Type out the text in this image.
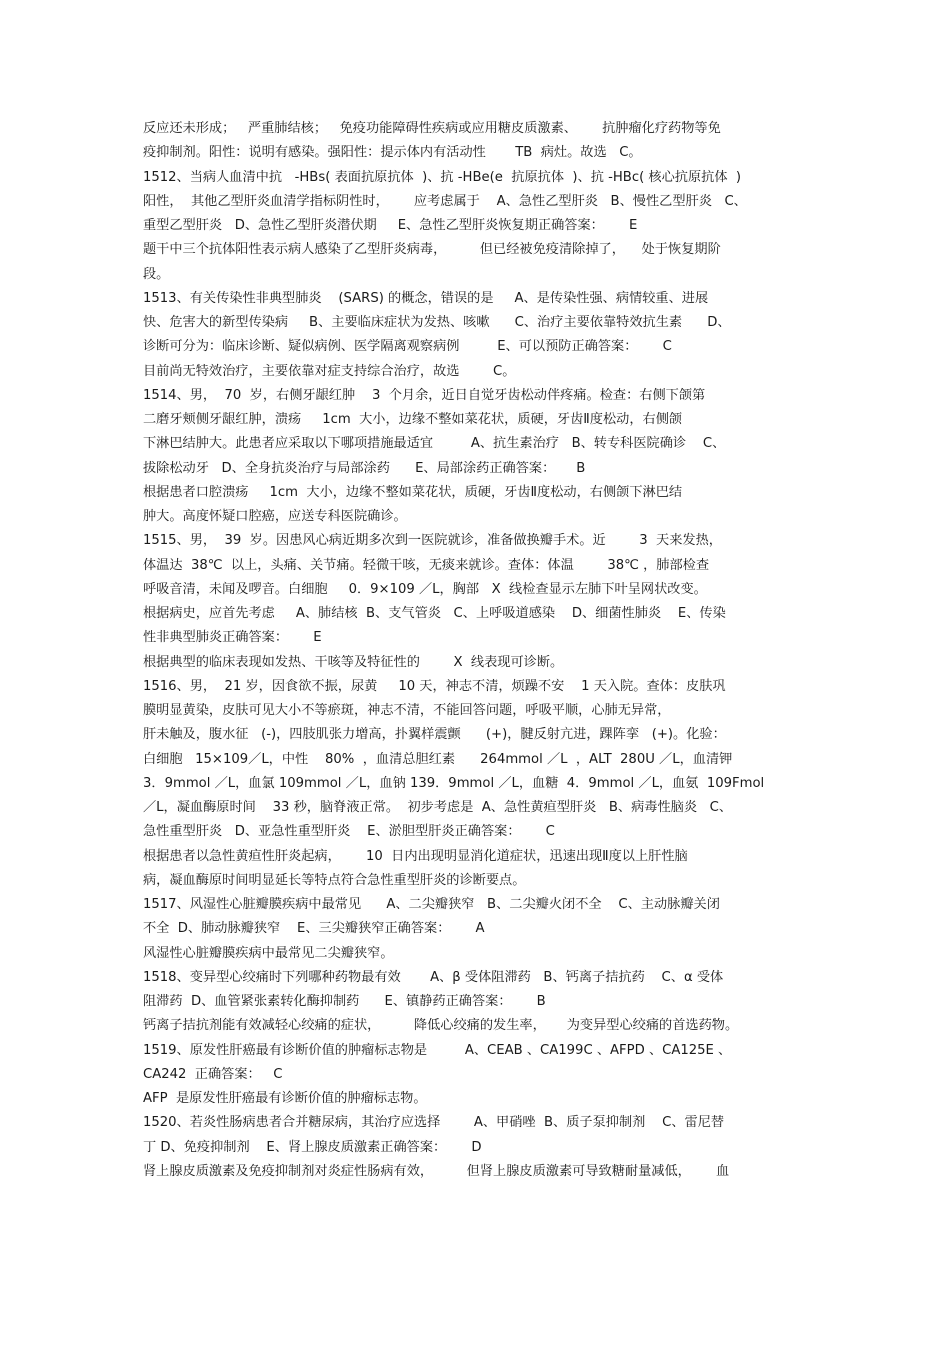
反应还未形成；   严重肺结核；   免疫功能障碍性疾病或应用糖皮质激素、      抗肿瘤化疗药物等免
疫抑制剂。阳性：说明有感染。强阳性：提示体内有活动性       TB  病灶。故选   C。
1512、当病人血清中抗   -HBs( 表面抗原抗体  )、抗 -HBe(e  抗原抗体  )、抗 -HBc( 核心抗原抗体  )
阳性，  其他乙型肝炎血清学指标阴性时，      应考虑属于    A、急性乙型肝炎   B、慢性乙型肝炎   C、
重型乙型肝炎   D、急性乙型肝炎潜伏期     E、急性乙型肝炎恢复期正确答案：      E
题干中三个抗体阳性表示病人感染了乙型肝炎病毒，        但已经被免疫清除掉了，    处于恢复期阶
段。
1513、有关传染性非典型肺炎    (SARS) 的概念，错误的是     A、是传染性强、病情较重、进展
快、危害大的新型传染病     B、主要临床症状为发热、咳嗽      C、治疗主要依靠特效抗生素      D、
诊断可分为：临床诊断、疑似病例、医学隔离观察病例         E、可以预防正确答案：      C
目前尚无特效治疗，主要依靠对症支持综合治疗，故选        C。
1514、男，  70  岁，右侧牙龈红肿    3  个月余，近日自觉牙齿松动伴疼痛。检查：右侧下颌第
二磨牙颊侧牙龈红肿，溃疡     1cm  大小，边缘不整如菜花状，质硬，牙齿Ⅱ度松动，右侧颌
下淋巴结肿大。此患者应采取以下哪项措施最适宜         A、抗生素治疗   B、转专科医院确诊    C、
拔除松动牙   D、全身抗炎治疗与局部涂药      E、局部涂药正确答案：     B
根据患者口腔溃疡     1cm  大小，边缘不整如菜花状，质硬，牙齿Ⅱ度松动，右侧颌下淋巴结
肿大。高度怀疑口腔癌，应送专科医院确诊。
1515、男，  39  岁。因患风心病近期多次到一医院就诊，准备做换瓣手术。近        3  天来发热，
体温达  38℃  以上，头痛、关节痛。轻微干咳，无痰来就诊。查体：体温        38℃ ，肺部检查
呼吸音清，未闻及啰音。白细胞     0．9×109 ／L，胸部   X  线检查显示左肺下叶呈网状改变。
根据病史，应首先考虑     A、肺结核  B、支气管炎   C、上呼吸道感染    D、细菌性肺炎    E、传染
性非典型肺炎正确答案：      E
根据典型的临床表现如发热、干咳等及特征性的        X  线表现可诊断。
1516、男，  21 岁，因食欲不振，尿黄     10 天，神志不清，烦躁不安    1 天入院。查体：皮肤巩
膜明显黄染，皮肤可见大小不等瘀斑，神志不清，不能回答问题，呼吸平顺，心肺无异常，
肝未触及，腹水征   (-)，四肢肌张力增高，扑翼样震颤      (+)，腱反射亢进，踝阵挛   (+)。化验：
白细胞   15×109／L，中性    80%  ，血清总胆红素      264mmol ／L  ，ALT  280U ／L，血清钾
3．9mmol ／L，血氯 109mmol ／L，血钠 139．9mmol ／L，血糖  4．9mmol ／L，血氨  109Fmol
／L，凝血酶原时间    33 秒，脑脊液正常。  初步考虑是  A、急性黄疸型肝炎   B、病毒性脑炎   C、
急性重型肝炎   D、亚急性重型肝炎    E、淤胆型肝炎正确答案：      C
根据患者以急性黄疸性肝炎起病，      10  日内出现明显消化道症状，迅速出现Ⅱ度以上肝性脑
病，凝血酶原时间明显延长等特点符合急性重型肝炎的诊断要点。
1517、风湿性心脏瓣膜疾病中最常见      A、二尖瓣狭窄   B、二尖瓣火闭不全    C、主动脉瓣关闭
不全  D、肺动脉瓣狭窄    E、三尖瓣狭窄正确答案：      A
风湿性心脏瓣膜疾病中最常见二尖瓣狭窄。
1518、变异型心绞痛时下列哪种药物最有效       A、β 受体阻滞药   B、钙离子拮抗药    C、α 受体
阻滞药  D、血管紧张素转化酶抑制药      E、镇静药正确答案：      B
钙离子拮抗剂能有效减轻心绞痛的症状，        降低心绞痛的发生率，     为变异型心绞痛的首选药物。
1519、原发性肝癌最有诊断价值的肿瘤标志物是         A、CEAB 、CA199C 、AFPD 、CA125E 、
CA242  正确答案：   C
AFP  是原发性肝癌最有诊断价值的肿瘤标志物。
1520、若炎性肠病患者合并糖尿病，其治疗应选择        A、甲硝唑  B、质子泵抑制剂    C、雷尼替
丁 D、免疫抑制剂    E、肾上腺皮质激素正确答案：      D
肾上腺皮质激素及免疫抑制剂对炎症性肠病有效，        但肾上腺皮质激素可导致糖耐量减低，      血
